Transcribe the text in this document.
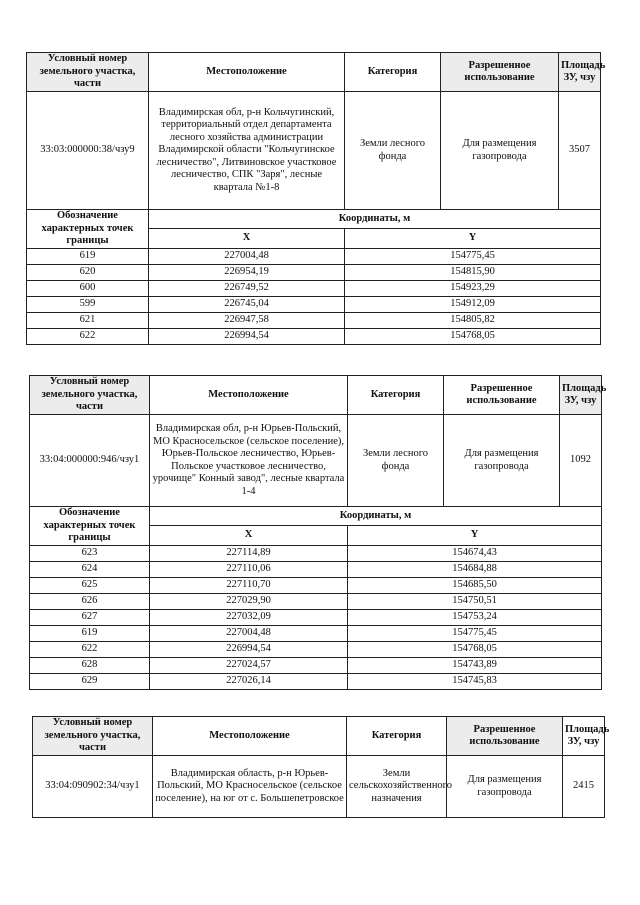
Условный номер земельного участка, части	Местоположение	Категория	Разрешенное использование	Площадь ЗУ, чзу
33:03:000000:38/чзу9	Владимирская обл, р-н Кольчугинский, территориальный отдел департамента лесного хозяйства администрации Владимирской области "Кольчугинское лесничество", Литвиновское участковое лесничество, СПК "Заря", лесные квартала №1-8	Земли лесного фонда	Для размещения газопровода	3507
Обозначение характерных точек границы	Координаты, м	
	X	Y
619	227004,48	154775,45
620	226954,19	154815,90
600	226749,52	154923,29
599	226745,04	154912,09
621	226947,58	154805,82
622	226994,54	154768,05
Условный номер земельного участка, части	Местоположение	Категория	Разрешенное использование	Площадь ЗУ, чзу
33:04:000000:946/чзу1	Владимирская обл, р-н Юрьев-Польский, МО Красносельское (сельское поселение), Юрьев-Польское лесничество, Юрьев-Польское участковое лесничество, урочище" Конный завод", лесные квартала 1-4	Земли лесного фонда	Для размещения газопровода	1092
Обозначение характерных точек границы	Координаты, м	
	X	Y
623	227114,89	154674,43
624	227110,06	154684,88
625	227110,70	154685,50
626	227029,90	154750,51
627	227032,09	154753,24
619	227004,48	154775,45
622	226994,54	154768,05
628	227024,57	154743,89
629	227026,14	154745,83
Условный номер земельного участка, части	Местоположение	Категория	Разрешенное использование	Площадь ЗУ, чзу
33:04:090902:34/чзу1	Владимирская область, р-н Юрьев-Польский, МО Красносельское (сельское поселение), на юг от с. Большепетровское	Земли сельскохозяйственного назначения	Для размещения газопровода	2415
